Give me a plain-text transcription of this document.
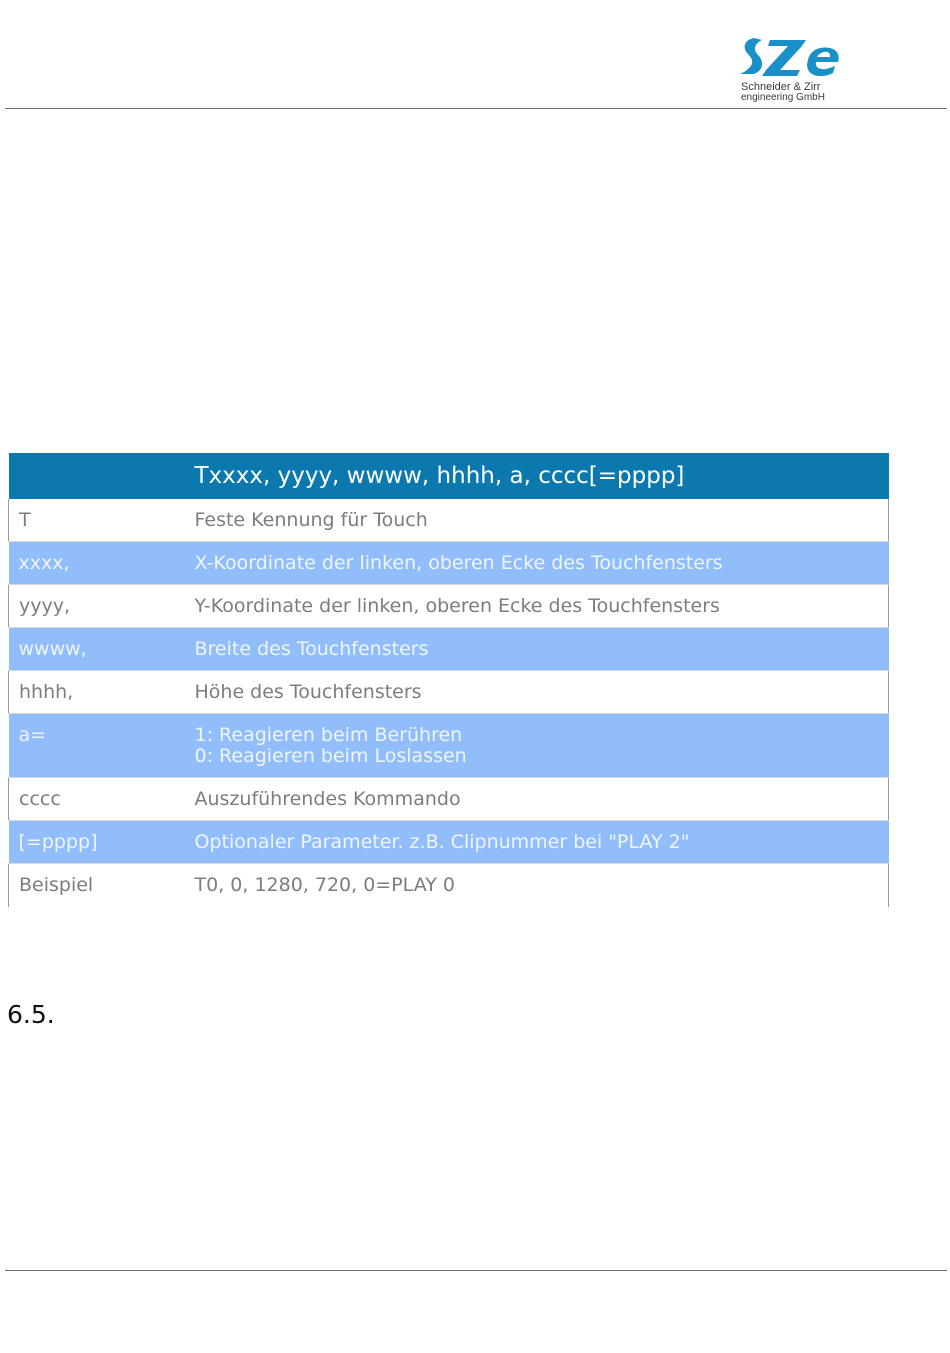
Schneider & Zirr
engineering GmbH
	Txxxx, yyyy, wwww, hhhh, a, cccc[=pppp]
T	Feste Kennung für Touch
xxxx,	X-Koordinate der linken, oberen Ecke des Touchfensters
yyyy,	Y-Koordinate der linken, oberen Ecke des Touchfensters
wwww,	Breite des Touchfensters
hhhh,	Höhe des Touchfensters
a=	1: Reagieren beim Berühren
0: Reagieren beim Loslassen
cccc	Auszuführendes Kommando
[=pppp]	Optionaler Parameter. z.B. Clipnummer bei "PLAY 2"
Beispiel	T0, 0, 1280, 720, 0=PLAY 0
6.5.
